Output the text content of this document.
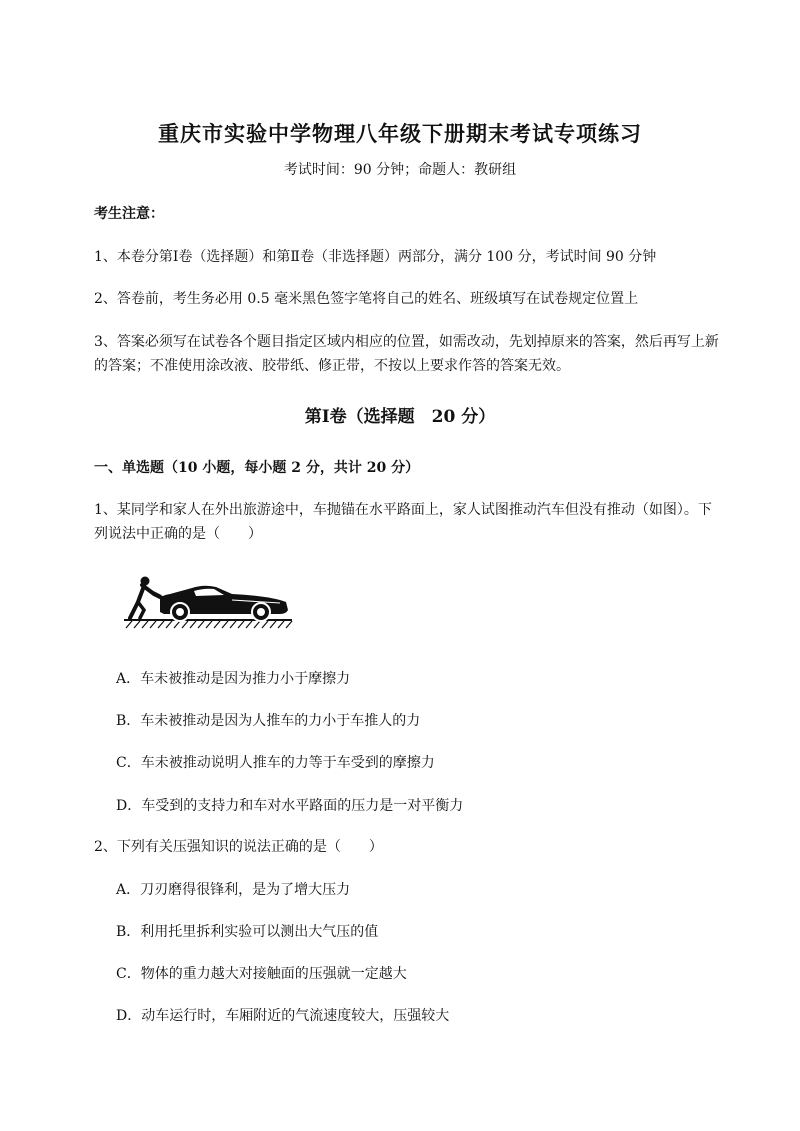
重庆市实验中学物理八年级下册期末考试专项练习
考试时间：90 分钟；命题人：教研组
考生注意：
1、本卷分第Ⅰ卷（选择题）和第Ⅱ卷（非选择题）两部分，满分 100 分，考试时间 90 分钟
2、答卷前，考生务必用 0.5 毫米黑色签字笔将自己的姓名、班级填写在试卷规定位置上
3、答案必须写在试卷各个题目指定区域内相应的位置，如需改动，先划掉原来的答案，然后再写上新
的答案；不准使用涂改液、胶带纸、修正带，不按以上要求作答的答案无效。
第Ⅰ卷（选择题　20 分）
一、单选题（10 小题，每小题 2 分，共计 20 分）
1、某同学和家人在外出旅游途中，车抛锚在水平路面上，家人试图推动汽车但没有推动（如图）。下
列说法中正确的是（　　）
A．车未被推动是因为推力小于摩擦力
B．车未被推动是因为人推车的力小于车推人的力
C．车未被推动说明人推车的力等于车受到的摩擦力
D．车受到的支持力和车对水平路面的压力是一对平衡力
2、下列有关压强知识的说法正确的是（　　）
A．刀刃磨得很锋利，是为了增大压力
B．利用托里拆利实验可以测出大气压的值
C．物体的重力越大对接触面的压强就一定越大
D．动车运行时，车厢附近的气流速度较大，压强较大
